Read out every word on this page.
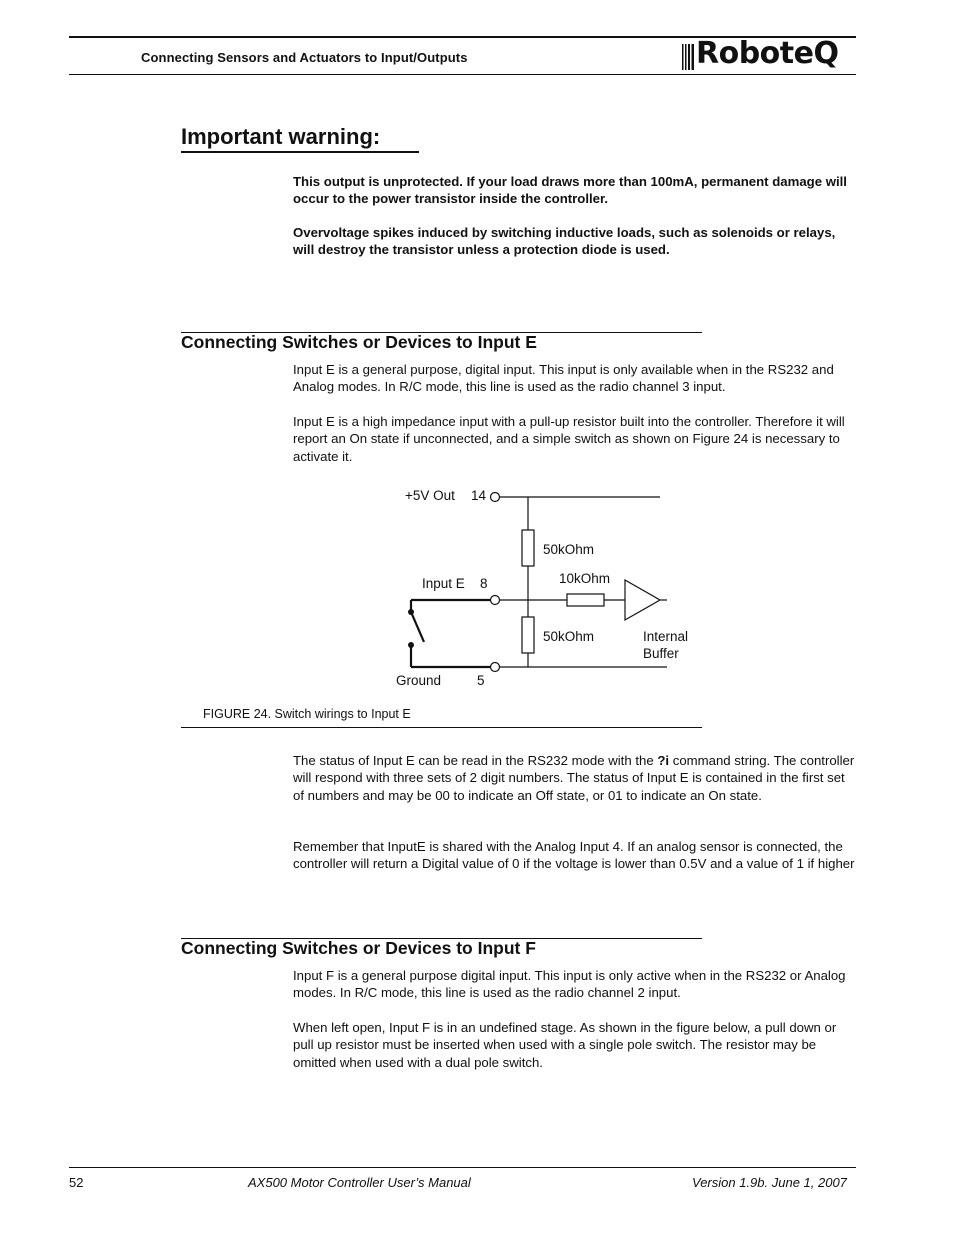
Connecting Sensors and Actuators to Input/Outputs	RoboteQ
Important warning:
This output is unprotected. If your load draws more than 100mA, permanent damage will occur to the power transistor inside the controller.
Overvoltage spikes induced by switching inductive loads, such as solenoids or relays, will destroy the transistor unless a protection diode is used.
Connecting Switches or Devices to Input E
Input E is a general purpose, digital input. This input is only available when in the RS232 and Analog modes. In R/C mode, this line is used as the radio channel 3 input.
Input E is a high impedance input with a pull-up resistor built into the controller. Therefore it will report an On state if unconnected, and a simple switch as shown on Figure 24 is necessary to activate it.
+5V Out 14
50kOhm
10kOhm
Input E 8
50kOhm	Internal
Buffer
Ground	5
FIGURE 24. Switch wirings to Input E
The status of Input E can be read in the RS232 mode with the ?i command string. The controller will respond with three sets of 2 digit numbers. The status of Input E is contained in the first set of numbers and may be 00 to indicate an Off state, or 01 to indicate an On state.
Remember that InputE is shared with the Analog Input 4. If an analog sensor is connected, the controller will return a Digital value of 0 if the voltage is lower than 0.5V and a value of 1 if higher
Connecting Switches or Devices to Input F
Input F is a general purpose digital input. This input is only active when in the RS232 or Analog modes. In R/C mode, this line is used as the radio channel 2 input.
When left open, Input F is in an undefined stage. As shown in the figure below, a pull down or pull up resistor must be inserted when used with a single pole switch. The resistor may be omitted when used with a dual pole switch.
52	AX500 Motor Controller User’s Manual	Version 1.9b. June 1, 2007
